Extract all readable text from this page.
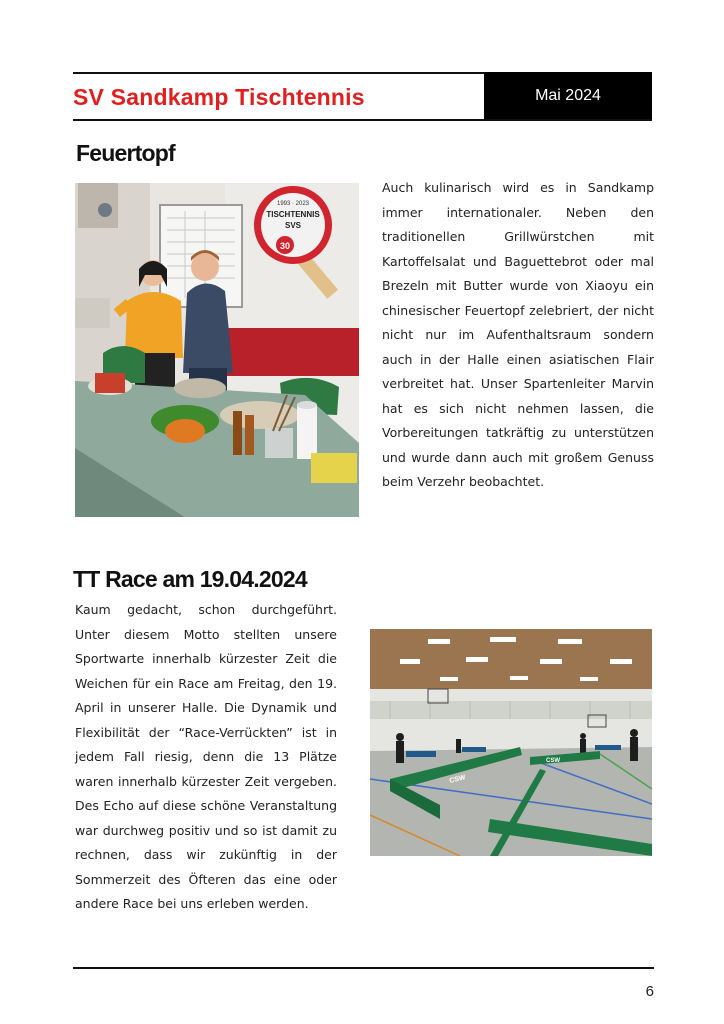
SV Sandkamp Tischtennis	Mai 2024
Feuertopf
1993 · 2023
TISCHTENNIS
SVS
30

Auch kulinarisch wird es in Sandkamp immer internationaler. Neben den traditionellen Grillwürstchen mit Kartoffelsalat und Baguettebrot oder mal Brezeln mit Butter wurde von Xiaoyu ein chinesischer Feuertopf zelebriert, der nicht nicht nur im Aufenthaltsraum sondern auch in der Halle einen asiatischen Flair verbreitet hat. Unser Spartenleiter Marvin hat es sich nicht nehmen lassen, die Vorbereitungen tatkräftig zu unterstützen und wurde dann auch mit großem Genuss beim Verzehr beobachtet.

TT Race am 19.04.2024

Kaum gedacht, schon durchgeführt. Unter diesem Motto stellten unsere Sportwarte innerhalb kürzester Zeit die Weichen für ein Race am Freitag, den 19. April in unserer Halle. Die Dynamik und Flexibilität der “Race-Verrückten” ist in jedem Fall riesig, denn die 13 Plätze waren innerhalb kürzester Zeit vergeben. Des Echo auf diese schöne Veranstaltung war durchweg positiv und so ist damit zu rechnen, dass wir zukünftig in der Sommerzeit des Öfteren das eine oder andere Race bei uns erleben werden.

CSW
CSW
6
